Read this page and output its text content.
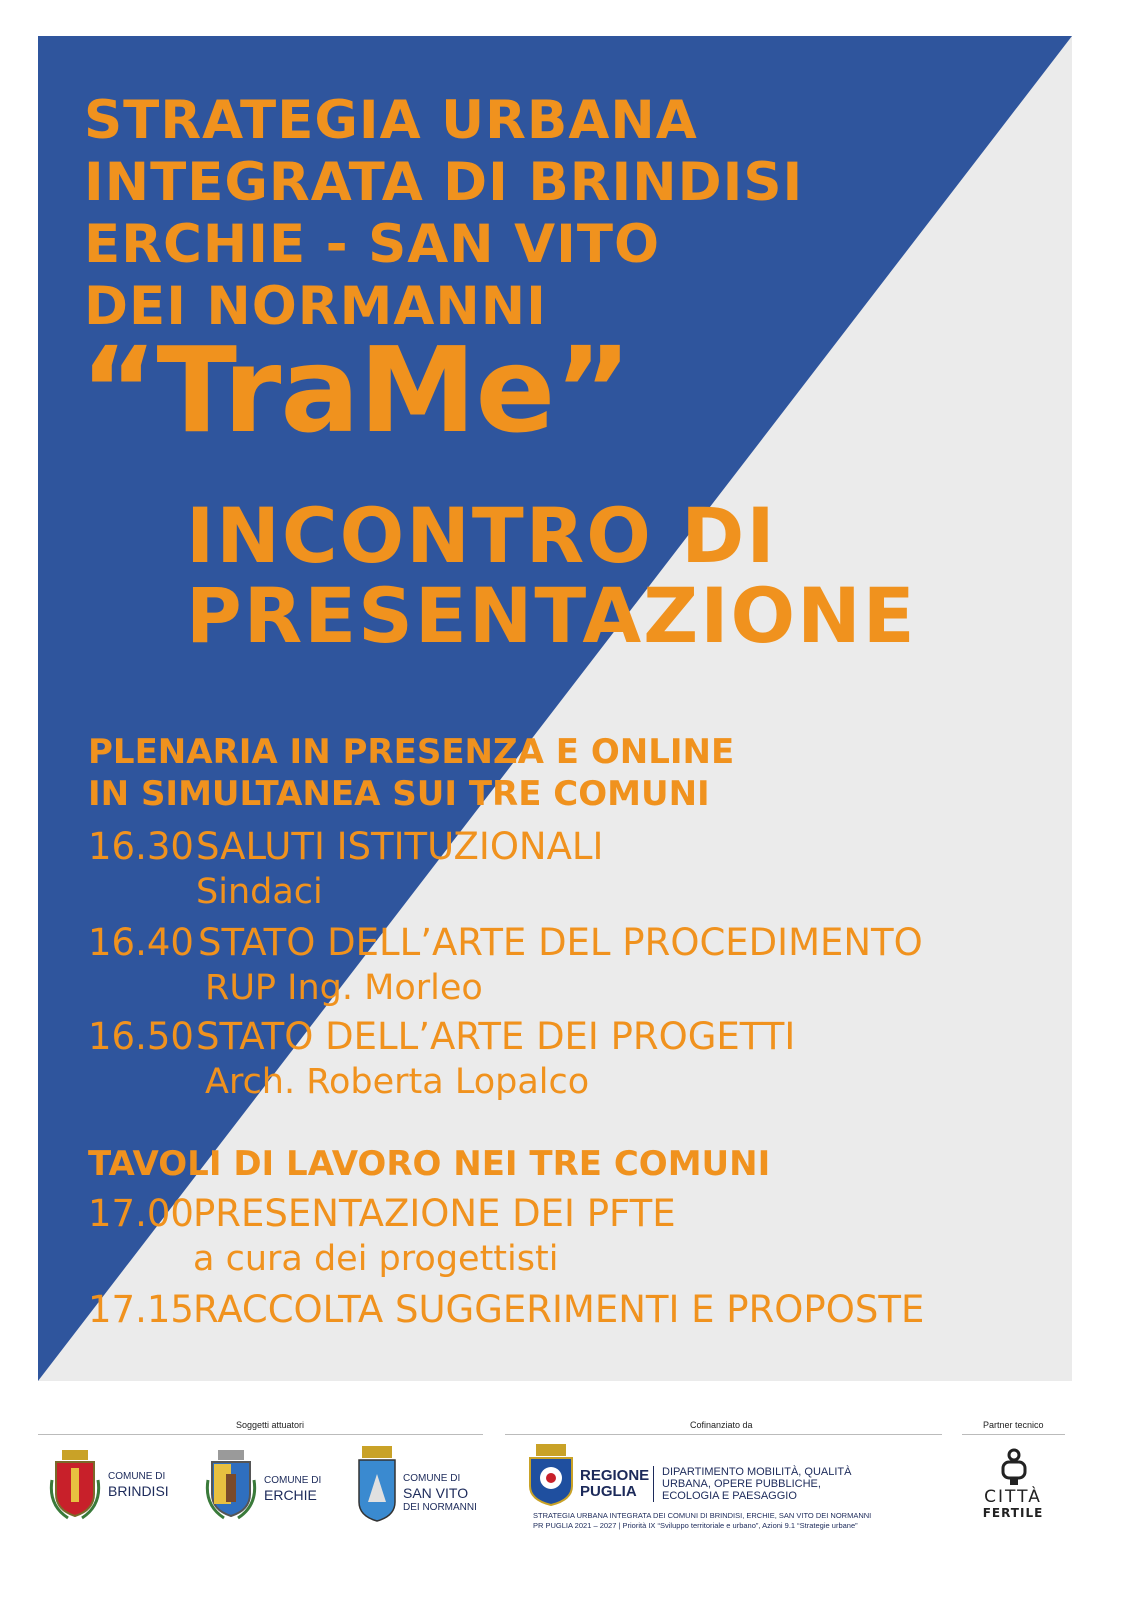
STRATEGIA URBANA
INTEGRATA DI BRINDISI
ERCHIE - SAN VITO
DEI NORMANNI
“TraMe”
INCONTRO DI
PRESENTAZIONE
PLENARIA IN PRESENZA E ONLINE
IN SIMULTANEA SUI TRE COMUNI
16.30 SALUTI ISTITUZIONALI
Sindaci
16.40 STATO DELL’ARTE DEL PROCEDIMENTO
RUP Ing. Morleo
16.50 STATO DELL’ARTE DEI PROGETTI
Arch. Roberta Lopalco
TAVOLI DI LAVORO NEI TRE COMUNI
17.00 PRESENTAZIONE DEI PFTE
a cura dei progettisti
17.15 RACCOLTA SUGGERIMENTI E PROPOSTE
Soggetti attuatori	Cofinanziato da	Partner tecnico
COMUNE DI
BRINDISI
COMUNE DI
ERCHIE
COMUNE DI
SAN VITO
DEI NORMANNI
REGIONE
PUGLIA
DIPARTIMENTO MOBILITÀ, QUALITÀ
URBANA, OPERE PUBBLICHE,
ECOLOGIA E PAESAGGIO
STRATEGIA URBANA INTEGRATA DEI COMUNI DI BRINDISI, ERCHIE, SAN VITO DEI NORMANNI
PR PUGLIA 2021 – 2027 | Priorità IX “Sviluppo territoriale e urbano”, Azioni 9.1 “Strategie urbane”
CITTÀ
FERTILE
